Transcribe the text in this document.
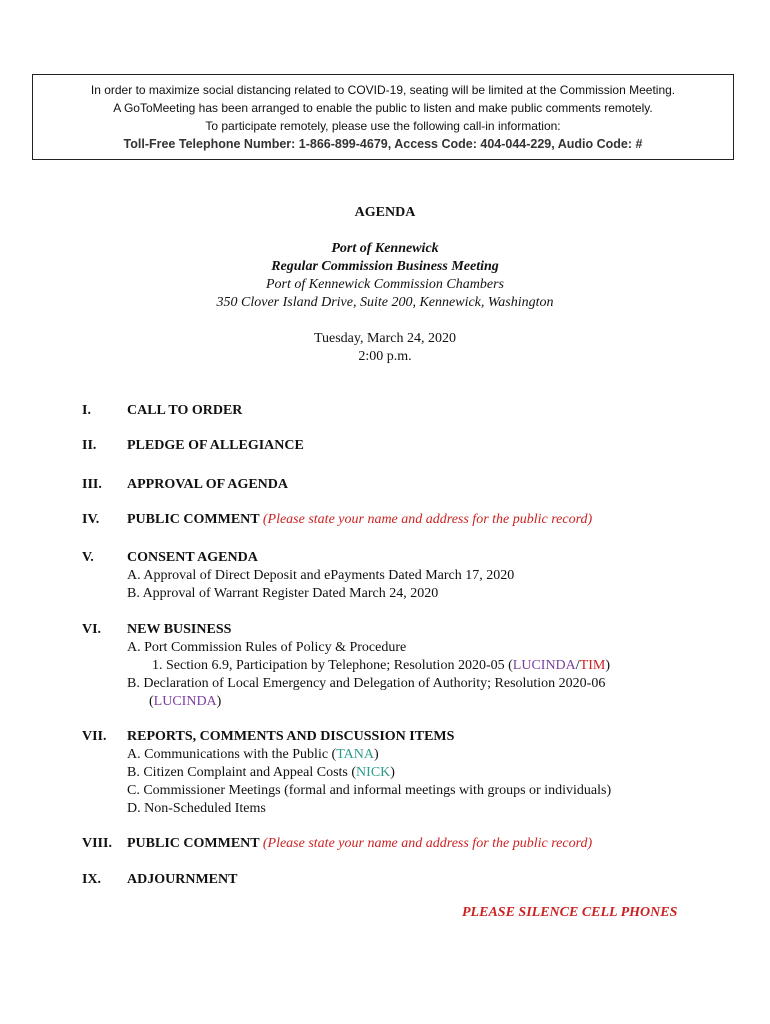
In order to maximize social distancing related to COVID-19, seating will be limited at the Commission Meeting.
A GoToMeeting has been arranged to enable the public to listen and make public comments remotely.
To participate remotely, please use the following call-in information:
Toll-Free Telephone Number: 1-866-899-4679, Access Code: 404-044-229, Audio Code: #
AGENDA
Port of Kennewick
Regular Commission Business Meeting
Port of Kennewick Commission Chambers
350 Clover Island Drive, Suite 200, Kennewick, Washington
Tuesday, March 24, 2020
2:00 p.m.
I.	CALL TO ORDER
II. PLEDGE OF ALLEGIANCE
III. APPROVAL OF AGENDA
IV. PUBLIC COMMENT (Please state your name and address for the public record)
V. CONSENT AGENDA
A. Approval of Direct Deposit and ePayments Dated March 17, 2020
B. Approval of Warrant Register Dated March 24, 2020
VI. NEW BUSINESS
A. Port Commission Rules of Policy & Procedure
1. Section 6.9, Participation by Telephone; Resolution 2020-05 (LUCINDA/TIM)
B. Declaration of Local Emergency and Delegation of Authority; Resolution 2020-06
(LUCINDA)
VII. REPORTS, COMMENTS AND DISCUSSION ITEMS
A. Communications with the Public (TANA)
B. Citizen Complaint and Appeal Costs (NICK)
C. Commissioner Meetings (formal and informal meetings with groups or individuals)
D. Non-Scheduled Items
VIII. PUBLIC COMMENT (Please state your name and address for the public record)
IX. ADJOURNMENT
PLEASE SILENCE CELL PHONES
